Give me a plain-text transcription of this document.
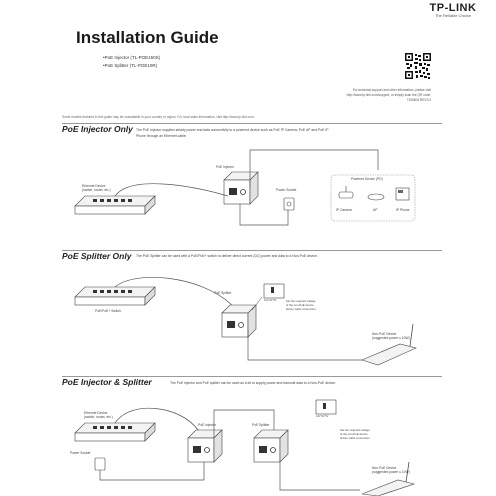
TP-LINK
The Reliable Choice
Installation Guide
•PoE Injector (TL-POE150S)
•PoE Splitter (TL-POE10R)
For technical support and other information, please visit
http://www.tp-link.com/support, or simply scan the QR code.
7106504 REV3.0
Some models featured in this guide may be unavailable in your country or region. For local sales information, visit http://www.tp-link.com.
PoE Injector Only The PoE Injector supplies steady power and data connectivity to a powered device such as PoE IP Camera, PoE AP and PoE IP
Phone through an Ethernet cable.
PoE Splitter Only The PoE Splitter can be used with a PoE/PoE+ switch to deliver direct current (DC) power and data to a Non-PoE device.
PoE Injector & Splitter	The PoE injector and PoE splitter can be used as a kit to supply power and transmit data to a Non-PoE device.
PoE Injector
Ethernet Device
(switch, router, etc.)	Power Socket
Powered Device (PD)
IP Camera	AP	IP Phone
PoE Splitter
PoE/PoE+ Switch
12V 9V 5V	Set the required voltage
of the non-PoE device
before cable connection.
Non-PoE Device
(suggested power ≤ 10W)
Ethernet Device
(switch, router, etc.)
PoE Injector	PoE Splitter
Power Socket
12V 9V 5V
Set the required voltage
of the non-PoE device
before cable connection.
Non-PoE Device
(suggested power ≤ 10W)
